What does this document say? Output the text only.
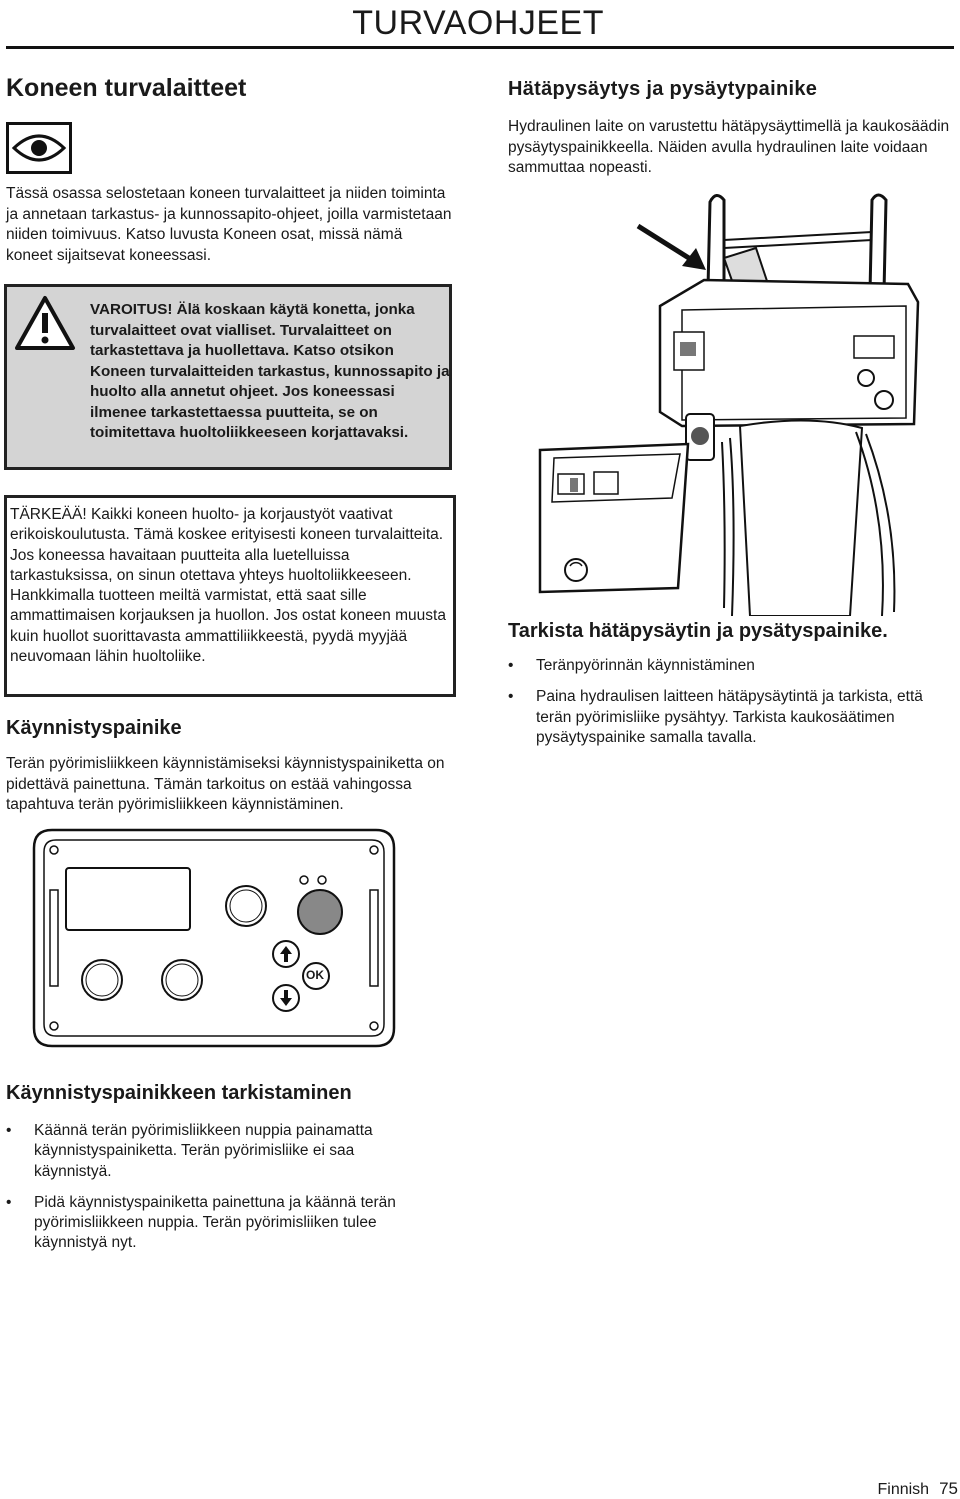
TURVAOHJEET
Koneen turvalaitteet

Tässä osassa selostetaan koneen turvalaitteet ja niiden toiminta ja annetaan tarkastus- ja kunnossapito-ohjeet, joilla varmistetaan niiden toimivuus. Katso luvusta Koneen osat, missä nämä koneet sijaitsevat koneessasi.

VAROITUS! Älä koskaan käytä konetta, jonka turvalaitteet ovat vialliset. Turvalaitteet on tarkastettava ja huollettava. Katso otsikon Koneen turvalaitteiden tarkastus, kunnossapito ja huolto alla annetut ohjeet. Jos koneessasi ilmenee tarkastettaessa puutteita, se on toimitettava huoltoliikkeeseen korjattavaksi.

TÄRKEÄÄ! Kaikki koneen huolto- ja korjaustyöt vaativat erikoiskoulutusta. Tämä koskee erityisesti koneen turvalaitteita. Jos koneessa havaitaan puutteita alla luetelluissa tarkastuksissa, on sinun otettava yhteys huoltoliikkeeseen. Hankkimalla tuotteen meiltä varmistat, että saat sille ammattimaisen korjauksen ja huollon. Jos ostat koneen muusta kuin huollot suorittavasta ammattiliikkeestä, pyydä myyjää neuvomaan lähin huoltoliike.

Käynnistyspainike

Terän pyörimisliikkeen käynnistämiseksi käynnistyspainiketta on pidettävä painettuna. Tämän tarkoitus on estää vahingossa tapahtuva terän pyörimisliikkeen käynnistäminen.

OK
Käynnistyspainikkeen tarkistaminen
• Käännä terän pyörimisliikkeen nuppia painamatta käynnistyspainiketta. Terän pyörimisliike ei saa käynnistyä.
• Pidä käynnistyspainiketta painettuna ja käännä terän pyörimisliikkeen nuppia. Terän pyörimisliiken tulee käynnistyä nyt.
Hätäpysäytys ja pysäytypainike

Hydraulinen laite on varustettu hätäpysäyttimellä ja kaukosäädin pysäytyspainikkeella. Näiden avulla hydraulinen laite voidaan sammuttaa nopeasti.

Tarkista hätäpysäytin ja pysätyspainike.
• Teränpyörinnän käynnistäminen
• Paina hydraulisen laitteen hätäpysäytintä ja tarkista, että terän pyörimisliike pysähtyy. Tarkista kaukosäätimen pysäytyspainike samalla tavalla.
Finnish 75
